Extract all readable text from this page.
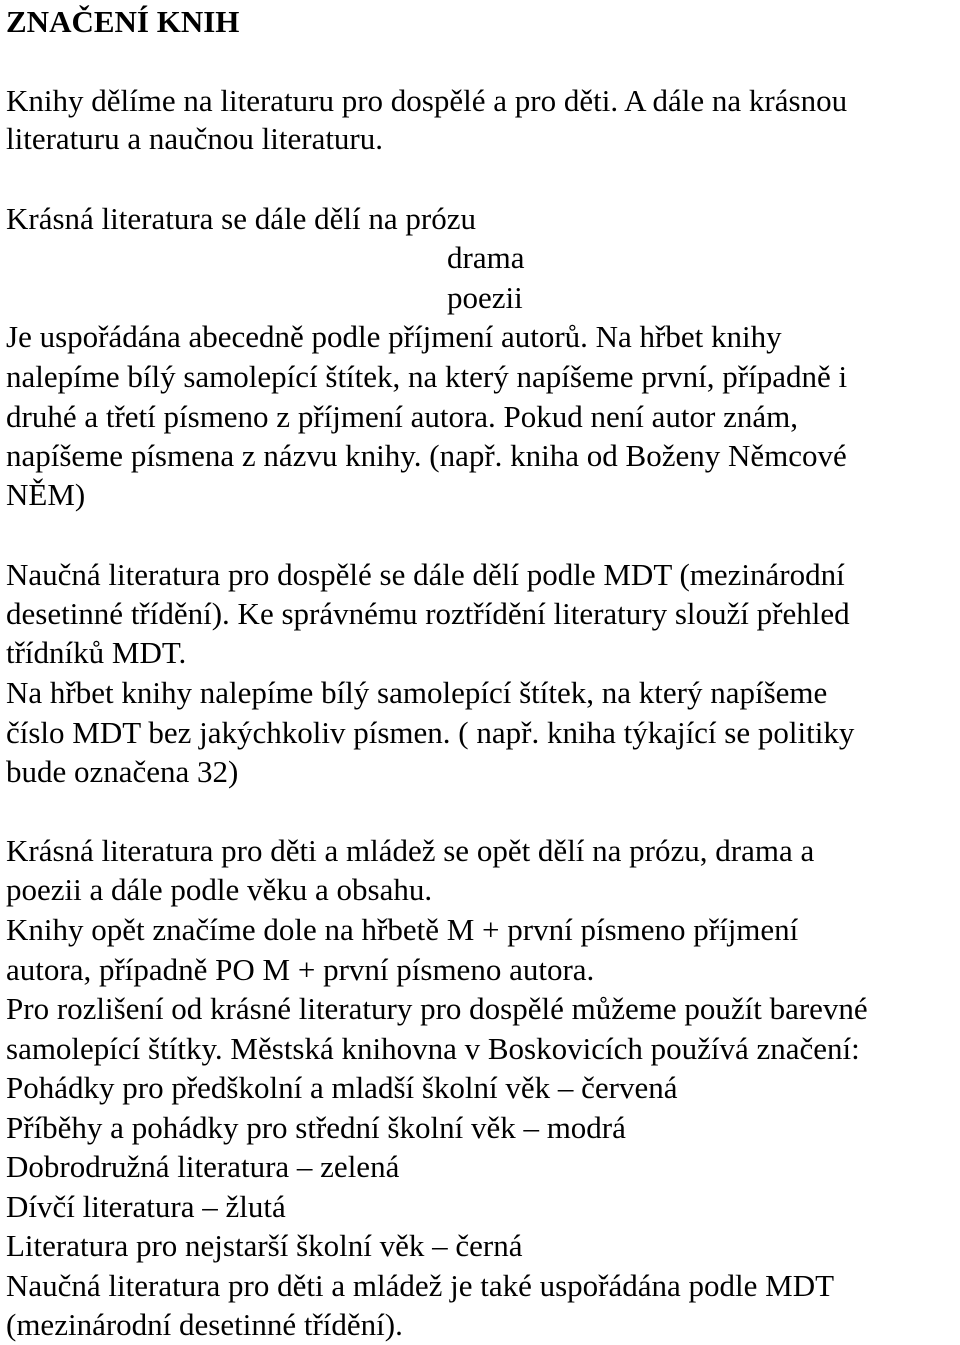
ZNAČENÍ KNIH
Knihy dělíme na literaturu pro dospělé a pro děti. A dále na krásnou
literaturu a naučnou literaturu.
Krásná literatura se dále dělí na prózu
drama
poezii
Je uspořádána abecedně podle příjmení autorů. Na hřbet knihy
nalepíme bílý samolepící štítek, na který napíšeme první, případně i
druhé a třetí písmeno z příjmení autora. Pokud není autor znám,
napíšeme písmena z názvu knihy. (např. kniha od Boženy Němcové
NĚM)
Naučná literatura pro dospělé se dále dělí podle MDT (mezinárodní
desetinné třídění). Ke správnému roztřídění literatury slouží přehled
třídníků MDT.
Na hřbet knihy nalepíme bílý samolepící štítek, na který napíšeme
číslo MDT bez jakýchkoliv písmen. ( např. kniha týkající se politiky
bude označena 32)
Krásná literatura pro děti a mládež se opět dělí na prózu, drama a
poezii a dále podle věku a obsahu.
Knihy opět značíme dole na hřbetě M + první písmeno příjmení
autora, případně PO M + první písmeno autora.
Pro rozlišení od krásné literatury pro dospělé můžeme použít barevné
samolepící štítky. Městská knihovna v Boskovicích používá značení:
Pohádky pro předškolní a mladší školní věk – červená
Příběhy a pohádky pro střední školní věk – modrá
Dobrodružná literatura – zelená
Dívčí literatura – žlutá
Literatura pro nejstarší školní věk – černá
Naučná literatura pro děti a mládež je také uspořádána podle MDT
(mezinárodní desetinné třídění).
